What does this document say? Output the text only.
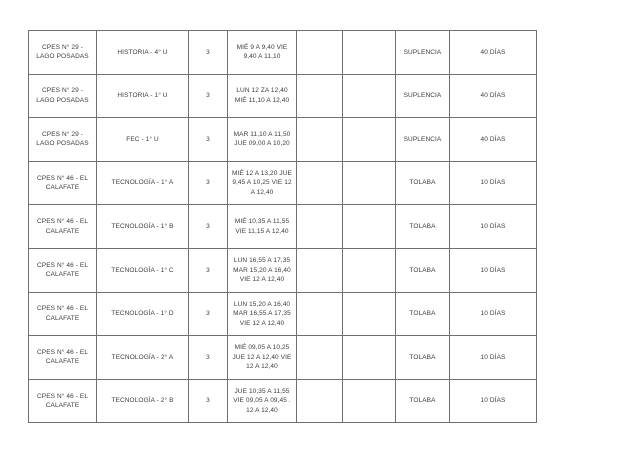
CPES N° 29 - LAGO POSADAS	HISTORIA - 4° U	3	MIÉ 9 A 9,40 VIE 9,40 A 11,10			SUPLENCIA	40 DÍAS
CPES N° 29 - LAGO POSADAS	HISTORIA - 1° U	3	LUN 12 ZA 12,40 MIÉ 11,10 A 12,40			SUPLENCIA	40 DÍAS
CPES N° 29 - LAGO POSADAS	FEC - 1° U	3	MAR 11,10 A 11,50 JUE 09,00 A 10,20			SUPLENCIA	40 DÍAS
CPES N° 46 - EL CALAFATE	TECNOLOGÍA - 1° A	3	MIÉ 12 A 13,20 JUE 9,45 A 10,25 VIE 12 A 12,40			TOLABA	10 DÍAS
CPES N° 46 - EL CALAFATE	TECNOLOGÍA - 1° B	3	MIÉ 10,35 A 11,55 VIE 11,15 A 12,40			TOLABA	10 DÍAS
CPES N° 46 - EL CALAFATE	TECNOLOGÍA - 1° C	3	LUN 16,55 A 17,35 MAR 15,20 A 16,40 VIE 12 A 12,40			TOLABA	10 DÍAS
CPES N° 46 - EL CALAFATE	TECNOLOGÍA - 1° D	3	LUN 15,20 A 16,40 MAR 16,55 A 17,35 VIE 12 A 12,40			TOLABA	10 DÍAS
CPES N° 46 - EL CALAFATE	TECNOLOGÍA - 2° A	3	MIÉ 09,05 A 10,25 JUE 12 A 12,40 VIE 12 A 12,40			TOLABA	10 DÍAS
CPES N° 46 - EL CALAFATE	TECNOLOGÍA - 2° B	3	JUE 10,35 A 11,55 VIE 09,05 A 09,45 . 12 A 12,40			TOLABA	10 DÍAS
